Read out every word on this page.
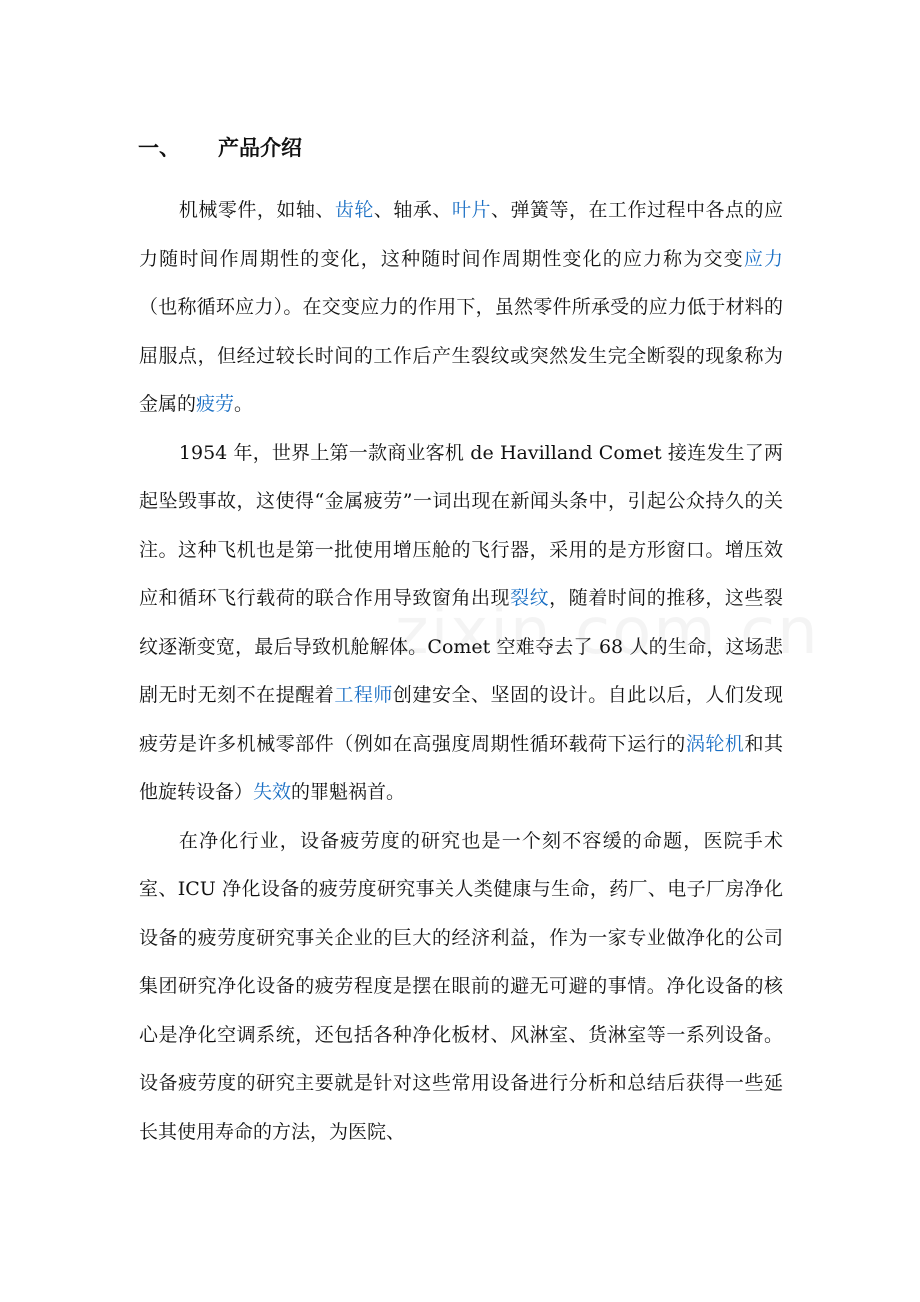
一、 产品介绍

机械零件，如轴、齿轮、轴承、叶片、弹簧等，在工作过程中各点的应力随时间作周期性的变化，这种随时间作周期性变化的应力称为交变应力（也称循环应力）。在交变应力的作用下，虽然零件所承受的应力低于材料的屈服点，但经过较长时间的工作后产生裂纹或突然发生完全断裂的现象称为金属的疲劳。

1954 年，世界上第一款商业客机 de Havilland Comet 接连发生了两起坠毁事故，这使得“金属疲劳”一词出现在新闻头条中，引起公众持久的关注。这种飞机也是第一批使用增压舱的飞行器，采用的是方形窗口。增压效应和循环飞行载荷的联合作用导致窗角出现裂纹，随着时间的推移，这些裂纹逐渐变宽，最后导致机舱解体。Comet 空难夺去了 68 人的生命，这场悲剧无时无刻不在提醒着工程师创建安全、坚固的设计。自此以后，人们发现疲劳是许多机械零部件（例如在高强度周期性循环载荷下运行的涡轮机和其他旋转设备）失效的罪魁祸首。

在净化行业，设备疲劳度的研究也是一个刻不容缓的命题，医院手术室、ICU 净化设备的疲劳度研究事关人类健康与生命，药厂、电子厂房净化设备的疲劳度研究事关企业的巨大的经济利益，作为一家专业做净化的公司集团研究净化设备的疲劳程度是摆在眼前的避无可避的事情。净化设备的核心是净化空调系统，还包括各种净化板材、风淋室、货淋室等一系列设备。设备疲劳度的研究主要就是针对这些常用设备进行分析和总结后获得一些延长其使用寿命的方法，为医院、
